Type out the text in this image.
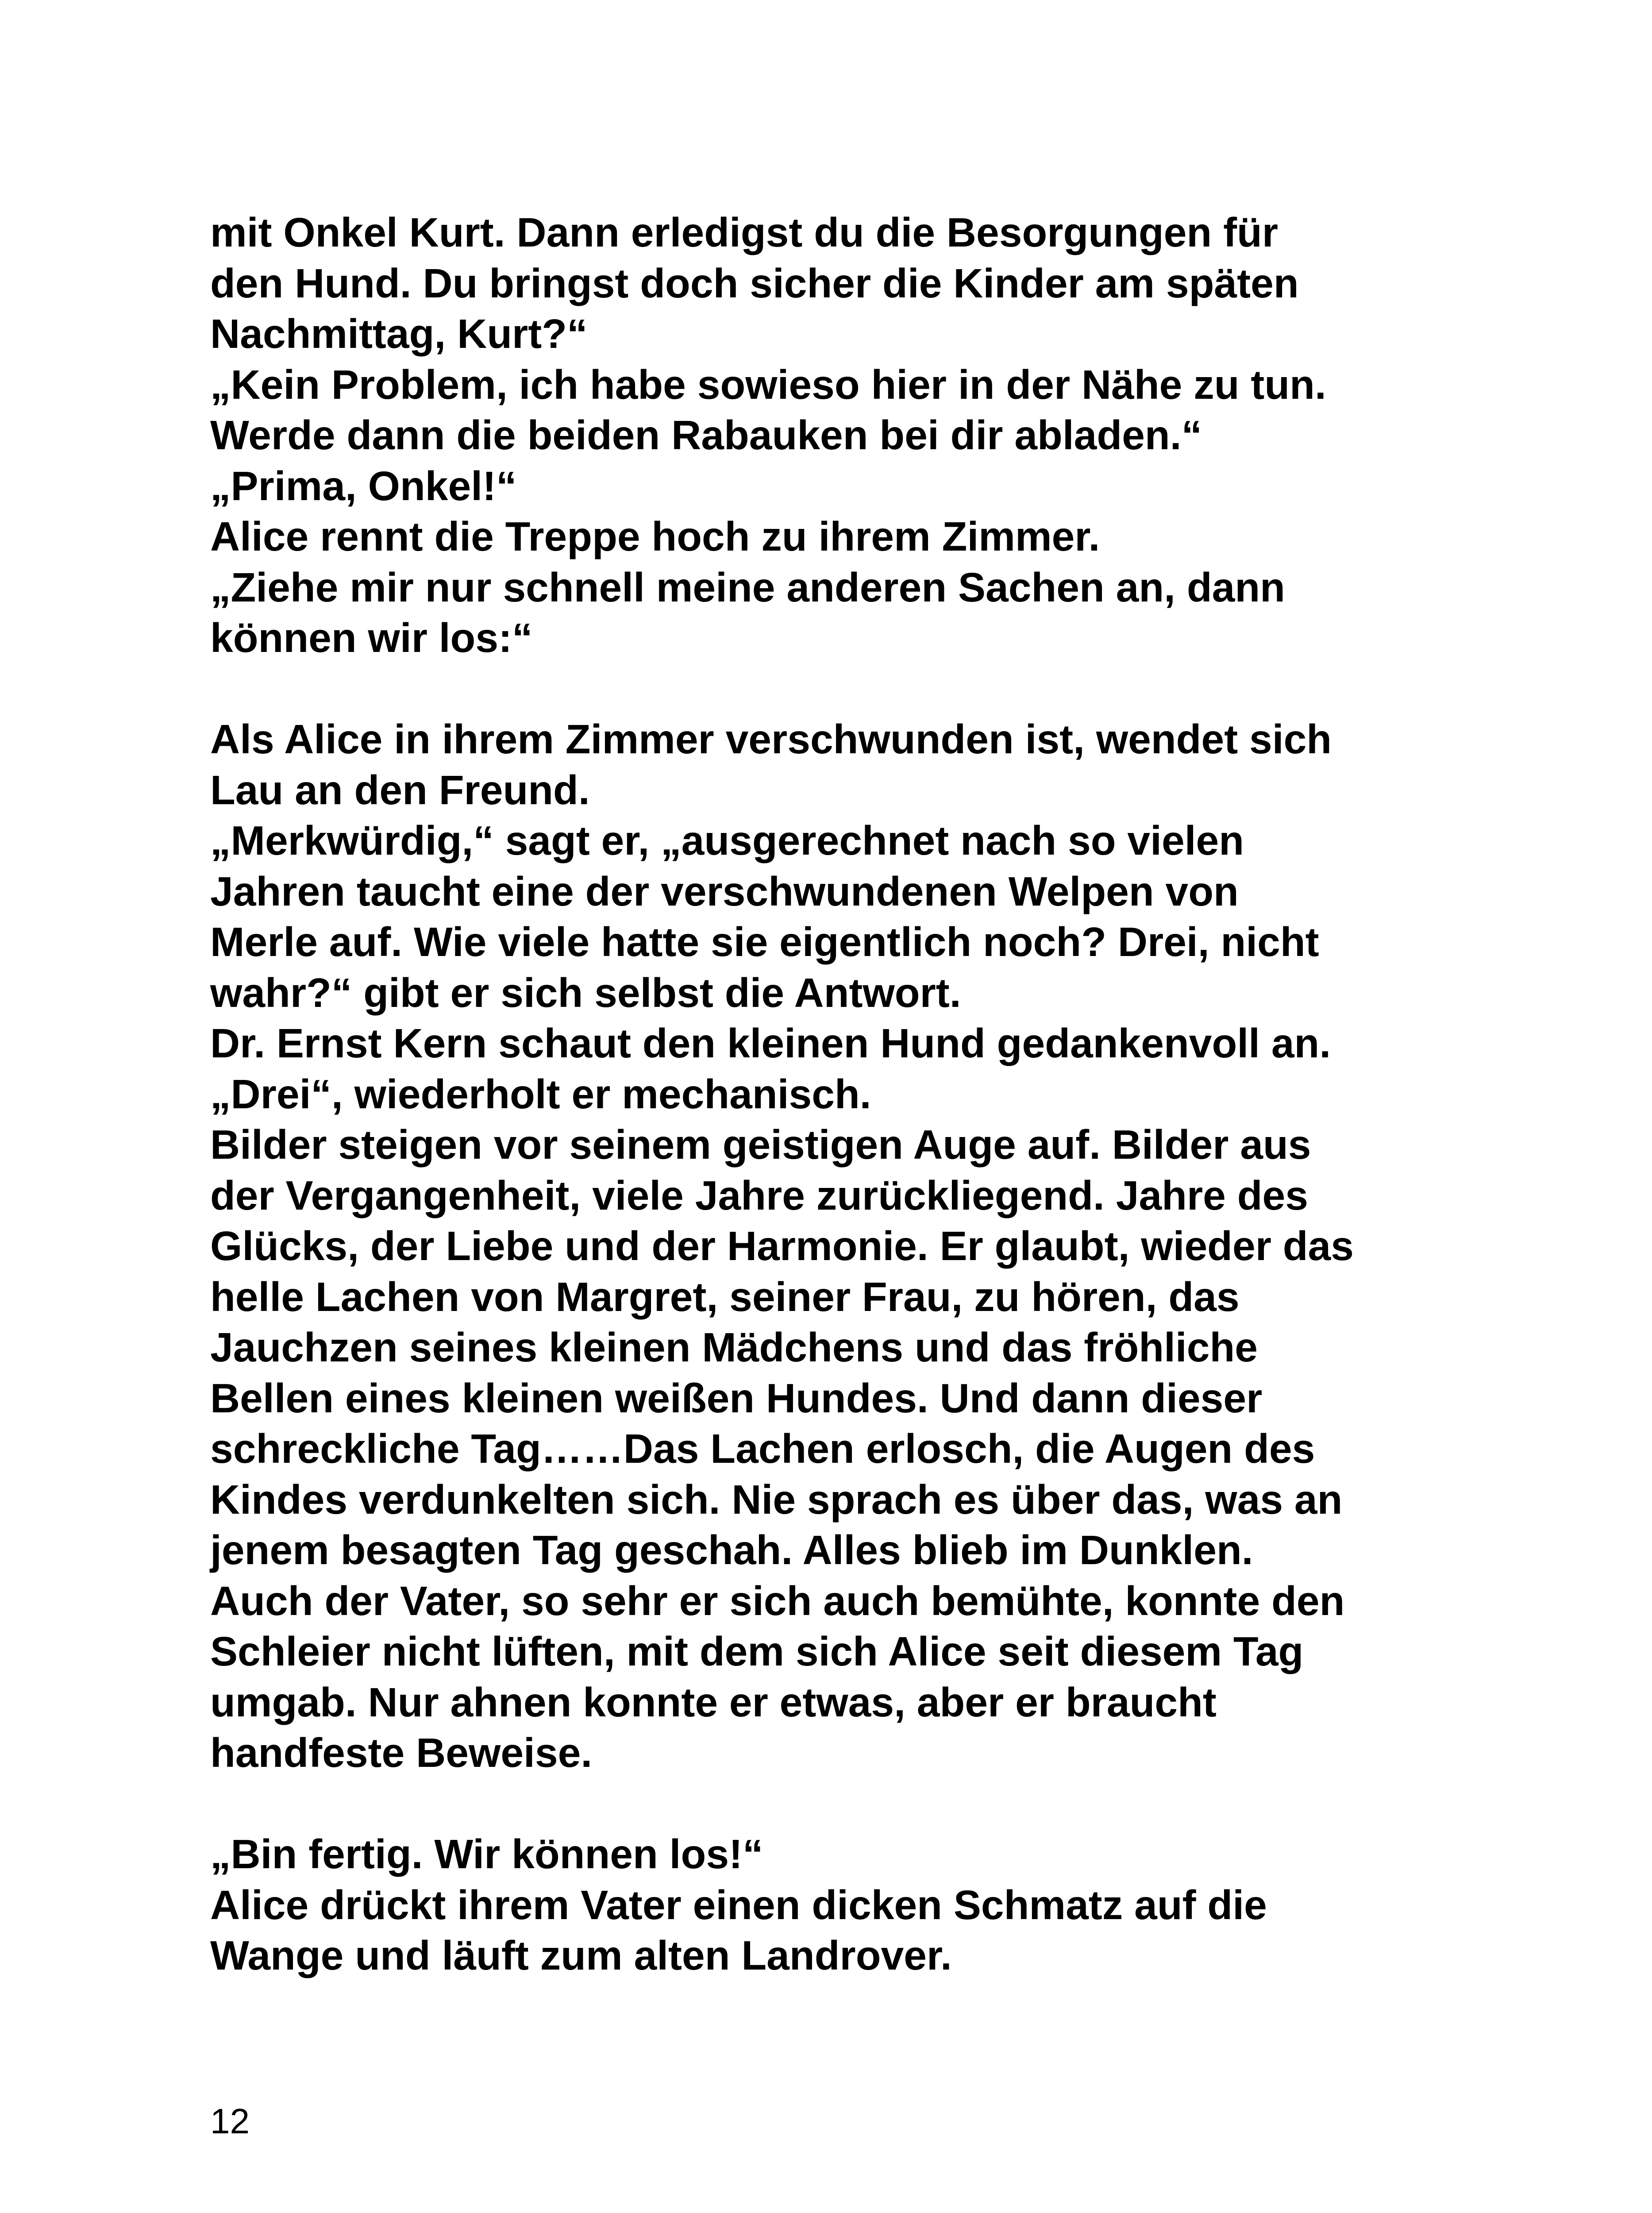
mit Onkel Kurt. Dann erledigst du die Besorgungen für
den Hund. Du bringst doch sicher die Kinder am späten
Nachmittag, Kurt?“
„Kein Problem, ich habe sowieso hier in der Nähe zu tun.
Werde dann die beiden Rabauken bei dir abladen.“
„Prima, Onkel!“
Alice rennt die Treppe hoch zu ihrem Zimmer.
„Ziehe mir nur schnell meine anderen Sachen an, dann
können wir los:“
Als Alice in ihrem Zimmer verschwunden ist, wendet sich
Lau an den Freund.
„Merkwürdig,“ sagt er, „ausgerechnet nach so vielen
Jahren taucht eine der verschwundenen Welpen von
Merle auf. Wie viele hatte sie eigentlich noch? Drei, nicht
wahr?“ gibt er sich selbst die Antwort.
Dr. Ernst Kern schaut den kleinen Hund gedankenvoll an.
„Drei“, wiederholt er mechanisch.
Bilder steigen vor seinem geistigen Auge auf. Bilder aus
der Vergangenheit, viele Jahre zurückliegend. Jahre des
Glücks, der Liebe und der Harmonie. Er glaubt, wieder das
helle Lachen von Margret, seiner Frau, zu hören, das
Jauchzen seines kleinen Mädchens und das fröhliche
Bellen eines kleinen weißen Hundes. Und dann dieser
schreckliche Tag……Das Lachen erlosch, die Augen des
Kindes verdunkelten sich. Nie sprach es über das, was an
jenem besagten Tag geschah. Alles blieb im Dunklen.
Auch der Vater, so sehr er sich auch bemühte, konnte den
Schleier nicht lüften, mit dem sich Alice seit diesem Tag
umgab. Nur ahnen konnte er etwas, aber er braucht
handfeste Beweise.
„Bin fertig. Wir können los!“
Alice drückt ihrem Vater einen dicken Schmatz auf die
Wange und läuft zum alten Landrover.
12
